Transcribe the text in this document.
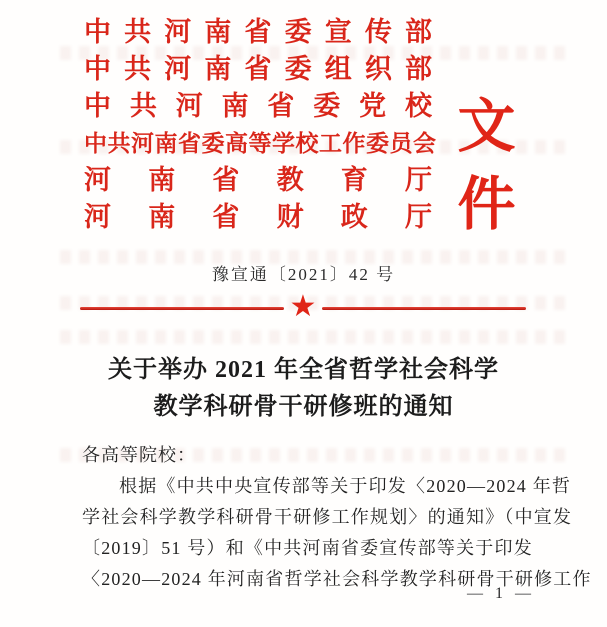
中共河南省委宣传部
中共河南省委组织部
中共河南省委党校
中共河南省委高等学校工作委员会
河南省教育厅
河南省财政厅
文件
豫宣通〔2021〕42 号
★
关于举办 2021 年全省哲学社会科学
教学科研骨干研修班的通知
各高等院校：
根据《中共中央宣传部等关于印发〈2020—2024 年哲
学社会科学教学科研骨干研修工作规划〉的通知》（中宣发
〔2019〕51 号）和《中共河南省委宣传部等关于印发
〈2020—2024 年河南省哲学社会科学教学科研骨干研修工作
— 1 —
